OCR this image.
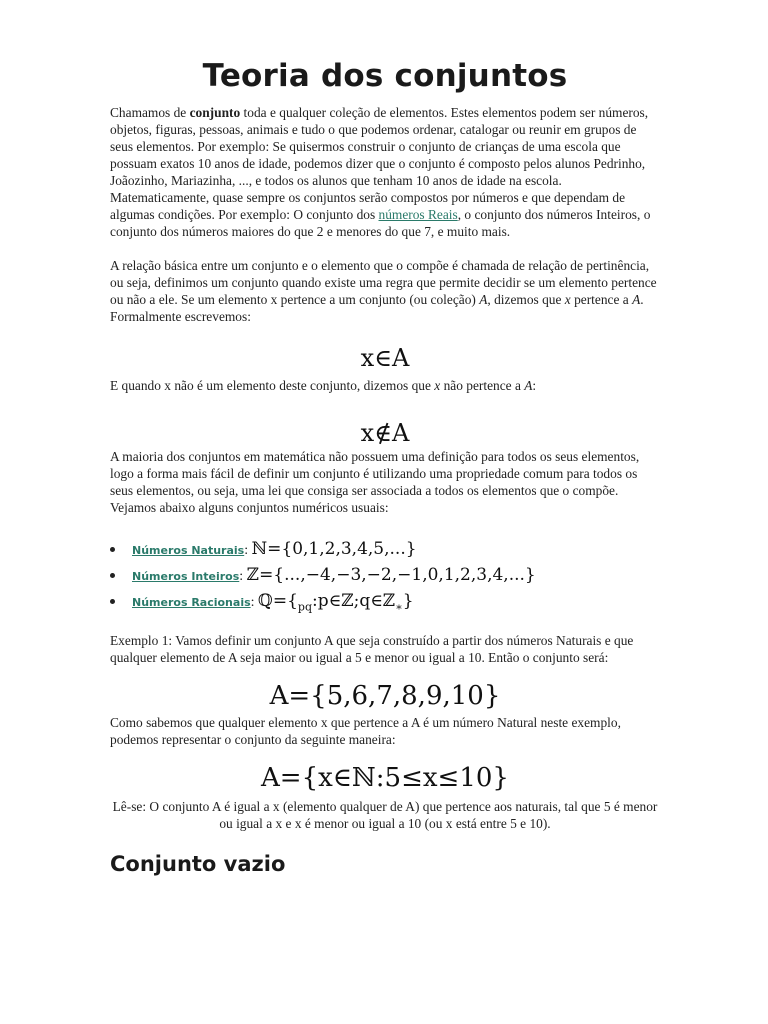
Teoria dos conjuntos

Chamamos de conjunto toda e qualquer coleção de elementos. Estes elementos podem ser números, objetos, figuras, pessoas, animais e tudo o que podemos ordenar, catalogar ou reunir em grupos de seus elementos. Por exemplo: Se quisermos construir o conjunto de crianças de uma escola que possuam exatos 10 anos de idade, podemos dizer que o conjunto é composto pelos alunos Pedrinho, Joãozinho, Mariazinha, ..., e todos os alunos que tenham 10 anos de idade na escola. Matematicamente, quase sempre os conjuntos serão compostos por números e que dependam de algumas condições. Por exemplo: O conjunto dos números Reais, o conjunto dos números Inteiros, o conjunto dos números maiores do que 2 e menores do que 7, e muito mais.

A relação básica entre um conjunto e o elemento que o compõe é chamada de relação de pertinência, ou seja, definimos um conjunto quando existe uma regra que permite decidir se um elemento pertence ou não a ele. Se um elemento x pertence a um conjunto (ou coleção) A, dizemos que x pertence a A. Formalmente escrevemos:

x∈A

E quando x não é um elemento deste conjunto, dizemos que x não pertence a A:

x∉A

A maioria dos conjuntos em matemática não possuem uma definição para todos os seus elementos, logo a forma mais fácil de definir um conjunto é utilizando uma propriedade comum para todos os seus elementos, ou seja, uma lei que consiga ser associada a todos os elementos que o compõe. Vejamos abaixo alguns conjuntos numéricos usuais:

Números Naturais: ℕ={0,1,2,3,4,5,...}
Números Inteiros: ℤ={...,−4,−3,−2,−1,0,1,2,3,4,...}
Números Racionais: $ℚ=\{_{pq}:p\in ℤ;q\in ℤ_∗\}$

Exemplo 1: Vamos definir um conjunto A que seja construído a partir dos números Naturais e que qualquer elemento de A seja maior ou igual a 5 e menor ou igual a 10. Então o conjunto será:

A={5,6,7,8,9,10}

Como sabemos que qualquer elemento x que pertence a A é um número Natural neste exemplo, podemos representar o conjunto da seguinte maneira:

A={x∈ℕ:5≤x≤10}

Lê-se: O conjunto A é igual a x (elemento qualquer de A) que pertence aos naturais, tal que 5 é menor ou igual a x e x é menor ou igual a 10 (ou x está entre 5 e 10).

Conjunto vazio
